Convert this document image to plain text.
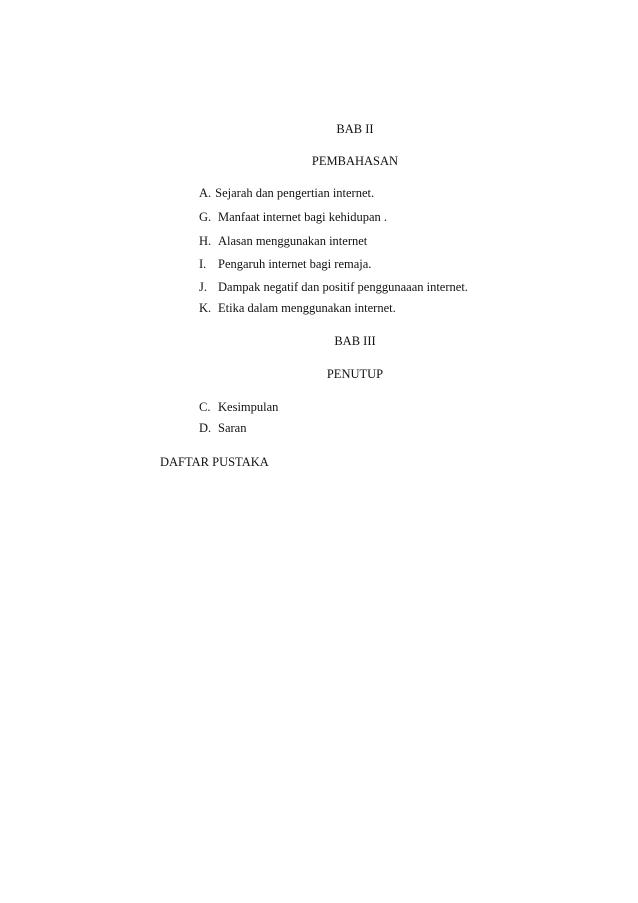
BAB II
PEMBAHASAN
A. Sejarah dan pengertian internet.
G. Manfaat internet bagi kehidupan .
H. Alasan menggunakan internet
I. Pengaruh internet bagi remaja.
J. Dampak negatif dan positif penggunaaan internet.
K. Etika dalam menggunakan internet.
BAB III
PENUTUP
C. Kesimpulan
D. Saran
DAFTAR PUSTAKA
